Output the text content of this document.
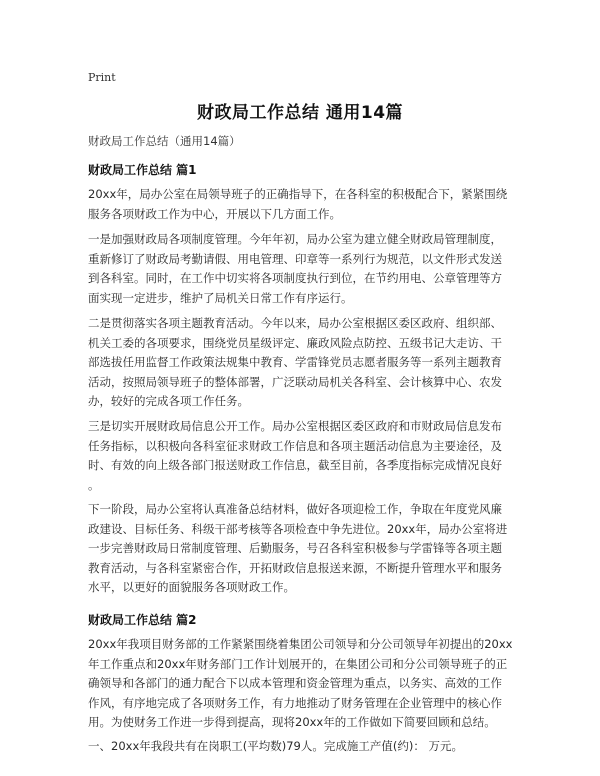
Print
财政局工作总结 通用14篇
财政局工作总结（通用14篇）
财政局工作总结 篇1
20xx年，局办公室在局领导班子的正确指导下，在各科室的积极配合下，紧紧围绕
服务各项财政工作为中心，开展以下几方面工作。
一是加强财政局各项制度管理。今年年初，局办公室为建立健全财政局管理制度，
重新修订了财政局考勤请假、用电管理、印章等一系列行为规范，以文件形式发送
到各科室。同时，在工作中切实将各项制度执行到位，在节约用电、公章管理等方
面实现一定进步，维护了局机关日常工作有序运行。
二是贯彻落实各项主题教育活动。今年以来，局办公室根据区委区政府、组织部、
机关工委的各项要求，围绕党员星级评定、廉政风险点防控、五级书记大走访、干
部选拔任用监督工作政策法规集中教育、学雷锋党员志愿者服务等一系列主题教育
活动，按照局领导班子的整体部署，广泛联动局机关各科室、会计核算中心、农发
办，较好的完成各项工作任务。
三是切实开展财政局信息公开工作。局办公室根据区委区政府和市财政局信息发布
任务指标，以积极向各科室征求财政工作信息和各项主题活动信息为主要途径，及
时、有效的向上级各部门报送财政工作信息，截至目前，各季度指标完成情况良好
。
下一阶段，局办公室将认真准备总结材料，做好各项迎检工作，争取在年度党风廉
政建设、目标任务、科级干部考核等各项检查中争先进位。20xx年，局办公室将进
一步完善财政局日常制度管理、后勤服务，号召各科室积极参与学雷锋等各项主题
教育活动，与各科室紧密合作，开拓财政信息报送来源，不断提升管理水平和服务
水平，以更好的面貌服务各项财政工作。
财政局工作总结 篇2
20xx年我项目财务部的工作紧紧围绕着集团公司领导和分公司领导年初提出的20xx
年工作重点和20xx年财务部门工作计划展开的，在集团公司和分公司领导班子的正
确领导和各部门的通力配合下以成本管理和资金管理为重点，以务实、高效的工作
作风，有序地完成了各项财务工作，有力地推动了财务管理在企业管理中的核心作
用。为使财务工作进一步得到提高，现将20xx年的工作做如下简要回顾和总结。
一、20xx年我段共有在岗职工(平均数)79人。完成施工产值(约)： 万元。
